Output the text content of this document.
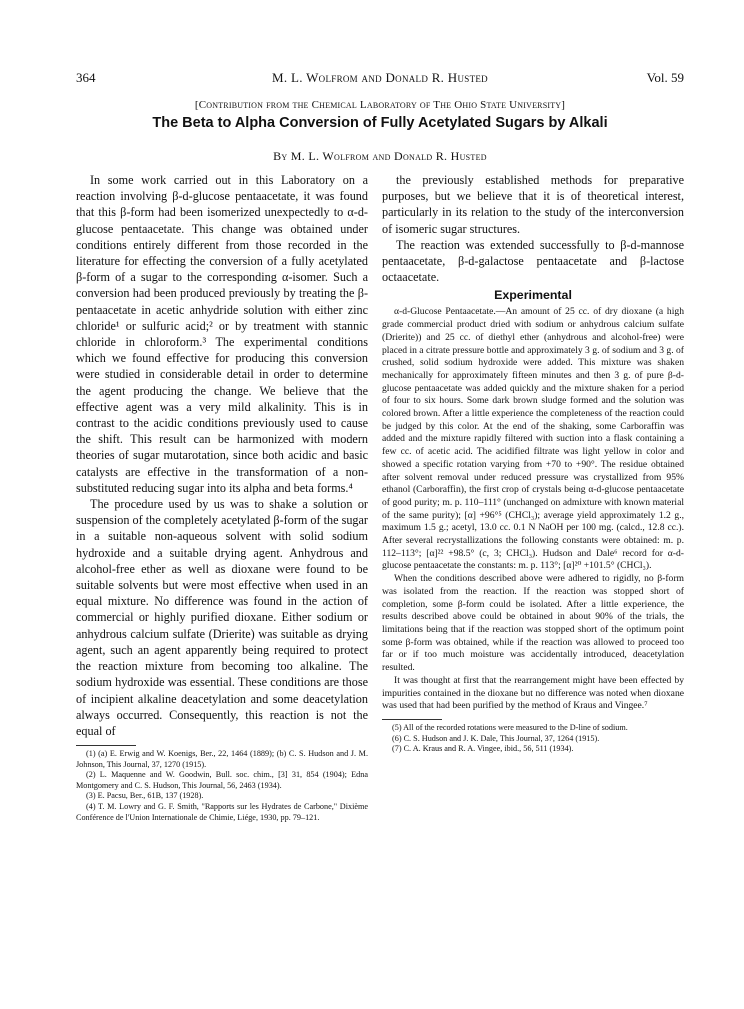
364	M. L. Wolfrom and Donald R. Husted	Vol. 59
[Contribution from the Chemical Laboratory of The Ohio State University]
The Beta to Alpha Conversion of Fully Acetylated Sugars by Alkali
By M. L. Wolfrom and Donald R. Husted

In some work carried out in this Laboratory on a reaction involving β-d-glucose pentaacetate, it was found that this β-form had been isomerized unexpectedly to α-d-glucose pentaacetate. This change was obtained under conditions entirely different from those recorded in the literature for effecting the conversion of a fully acetylated β-form of a sugar to the corresponding α-isomer. Such a conversion had been produced previously by treating the β-pentaacetate in acetic anhydride solution with either zinc chloride¹ or sulfuric acid;² or by treatment with stannic chloride in chloroform.³ The experimental conditions which we found effective for producing this conversion were studied in considerable detail in order to determine the agent producing the change. We believe that the effective agent was a very mild alkalinity. This is in contrast to the acidic conditions previously used to cause the shift. This result can be harmonized with modern theories of sugar mutarotation, since both acidic and basic catalysts are effective in the transformation of a non-substituted reducing sugar into its alpha and beta forms.⁴

The procedure used by us was to shake a solution or suspension of the completely acetylated β-form of the sugar in a suitable non-aqueous solvent with solid sodium hydroxide and a suitable drying agent. Anhydrous and alcohol-free ether as well as dioxane were found to be suitable solvents but were most effective when used in an equal mixture. No difference was found in the action of commercial or highly purified dioxane. Either sodium or anhydrous calcium sulfate (Drierite) was suitable as drying agent, such an agent apparently being required to protect the reaction mixture from becoming too alkaline. The sodium hydroxide was essential. These conditions are those of incipient alkaline deacetylation and some deacetylation always occurred. Consequently, this reaction is not the equal of

(1) (a) E. Erwig and W. Koenigs, Ber., 22, 1464 (1889); (b) C. S. Hudson and J. M. Johnson, This Journal, 37, 1270 (1915).

(2) L. Maquenne and W. Goodwin, Bull. soc. chim., [3] 31, 854 (1904); Edna Montgomery and C. S. Hudson, This Journal, 56, 2463 (1934).

(3) E. Pacsu, Ber., 61B, 137 (1928).

(4) T. M. Lowry and G. F. Smith, "Rapports sur les Hydrates de Carbone," Dixième Conférence de l'Union Internationale de Chimie, Liége, 1930, pp. 79–121.

the previously established methods for preparative purposes, but we believe that it is of theoretical interest, particularly in its relation to the study of the interconversion of isomeric sugar structures.

The reaction was extended successfully to β-d-mannose pentaacetate, β-d-galactose pentaacetate and β-lactose octaacetate.

Experimental

α-d-Glucose Pentaacetate.—An amount of 25 cc. of dry dioxane (a high grade commercial product dried with sodium or anhydrous calcium sulfate (Drierite)) and 25 cc. of diethyl ether (anhydrous and alcohol-free) were placed in a citrate pressure bottle and approximately 3 g. of sodium and 3 g. of crushed, solid sodium hydroxide were added. This mixture was shaken mechanically for approximately fifteen minutes and then 3 g. of pure β-d-glucose pentaacetate was added quickly and the mixture shaken for a period of four to six hours. Some dark brown sludge formed and the solution was colored brown. After a little experience the completeness of the reaction could be judged by this color. At the end of the shaking, some Carboraffin was added and the mixture rapidly filtered with suction into a flask containing a few cc. of acetic acid. The acidified filtrate was light yellow in color and showed a specific rotation varying from +70 to +90°. The residue obtained after solvent removal under reduced pressure was crystallized from 95% ethanol (Carboraffin), the first crop of crystals being α-d-glucose pentaacetate of good purity; m. p. 110–111° (unchanged on admixture with known material of the same purity); [α] +96°⁵ (CHCl₃); average yield approximately 1.2 g., maximum 1.5 g.; acetyl, 13.0 cc. 0.1 N NaOH per 100 mg. (calcd., 12.8 cc.). After several recrystallizations the following constants were obtained: m. p. 112–113°; [α]²² +98.5° (c, 3; CHCl₃). Hudson and Dale⁶ record for α-d-glucose pentaacetate the constants: m. p. 113°; [α]²⁰ +101.5° (CHCl₃).

When the conditions described above were adhered to rigidly, no β-form was isolated from the reaction. If the reaction was stopped short of completion, some β-form could be isolated. After a little experience, the results described above could be obtained in about 90% of the trials, the limitations being that if the reaction was stopped short of the optimum point some β-form was obtained, while if the reaction was allowed to proceed too far or if too much moisture was accidentally introduced, deacetylation resulted.

It was thought at first that the rearrangement might have been effected by impurities contained in the dioxane but no difference was noted when dioxane was used that had been purified by the method of Kraus and Vingee.⁷

(5) All of the recorded rotations were measured to the D-line of sodium.

(6) C. S. Hudson and J. K. Dale, This Journal, 37, 1264 (1915).

(7) C. A. Kraus and R. A. Vingee, ibid., 56, 511 (1934).
